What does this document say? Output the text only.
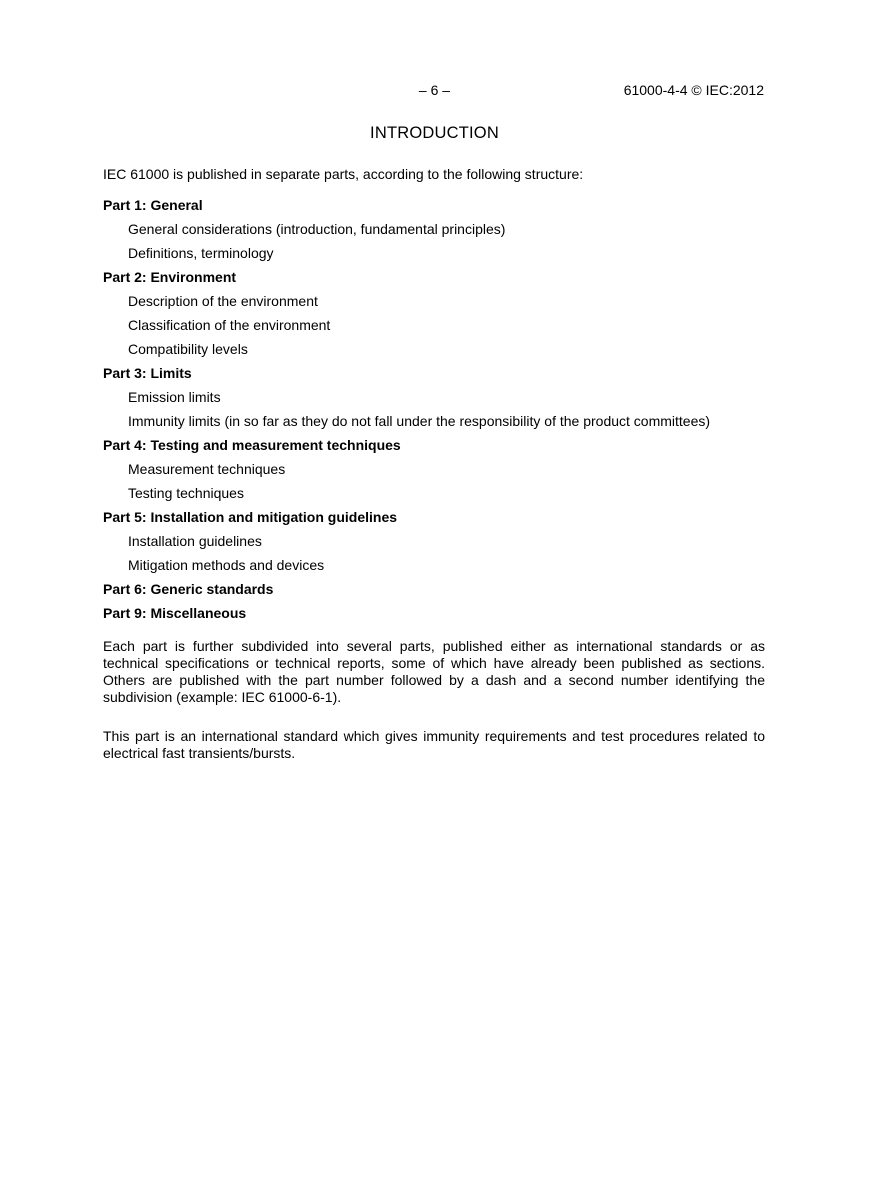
– 6 –	61000-4-4 © IEC:2012
INTRODUCTION

IEC 61000 is published in separate parts, according to the following structure:

Part 1: General
General considerations (introduction, fundamental principles)
Definitions, terminology
Part 2: Environment
Description of the environment
Classification of the environment
Compatibility levels
Part 3: Limits
Emission limits
Immunity limits (in so far as they do not fall under the responsibility of the product committees)
Part 4: Testing and measurement techniques
Measurement techniques
Testing techniques
Part 5: Installation and mitigation guidelines
Installation guidelines
Mitigation methods and devices
Part 6: Generic standards
Part 9: Miscellaneous

Each part is further subdivided into several parts, published either as international standards or as technical specifications or technical reports, some of which have already been published as sections. Others are published with the part number followed by a dash and a second number identifying the subdivision (example: IEC 61000-6-1).

This part is an international standard which gives immunity requirements and test procedures related to electrical fast transients/bursts.
